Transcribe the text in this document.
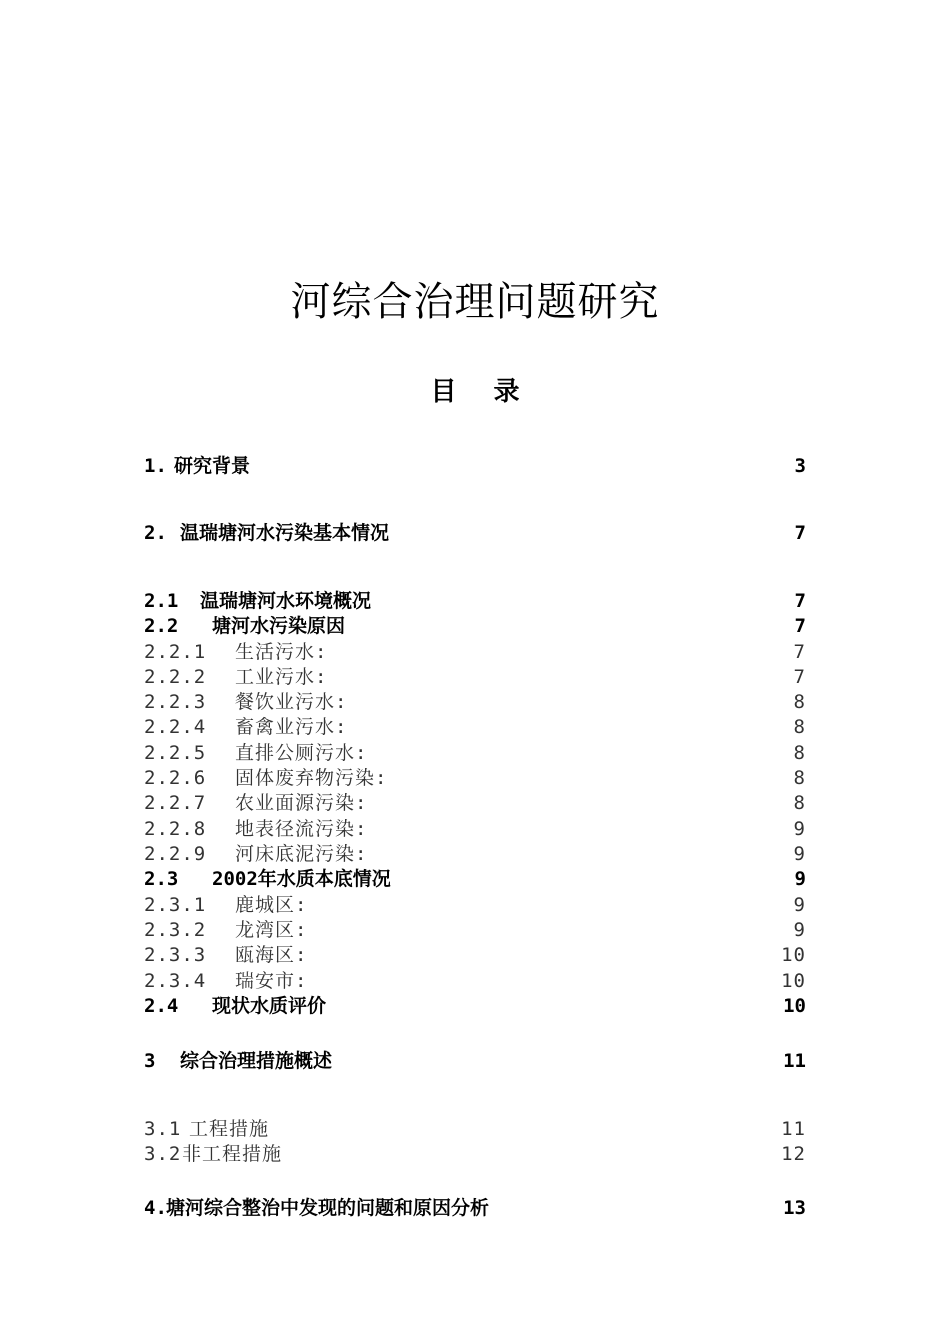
河综合治理问题研究
目 录
1. 研究背景	3
2. 温瑞塘河水污染基本情况	7
2.1	温瑞塘河水环境概况	7
2.2	塘河水污染原因	7
2.2.1	生活污水:	7
2.2.2	工业污水:	7
2.2.3	餐饮业污水:	8
2.2.4	畜禽业污水:	8
2.2.5	直排公厕污水:	8
2.2.6	固体废弃物污染:	8
2.2.7	农业面源污染:	8
2.2.8	地表径流污染:	9
2.2.9	河床底泥污染:	9
2.3	2002年水质本底情况	9
2.3.1	鹿城区:	9
2.3.2	龙湾区:	9
2.3.3	瓯海区:	10
2.3.4	瑞安市:	10
2.4	现状水质评价	10
3	综合治理措施概述	11
3.1 工程措施	11
3.2 非工程措施	12
4. 塘河综合整治中发现的问题和原因分析	13
